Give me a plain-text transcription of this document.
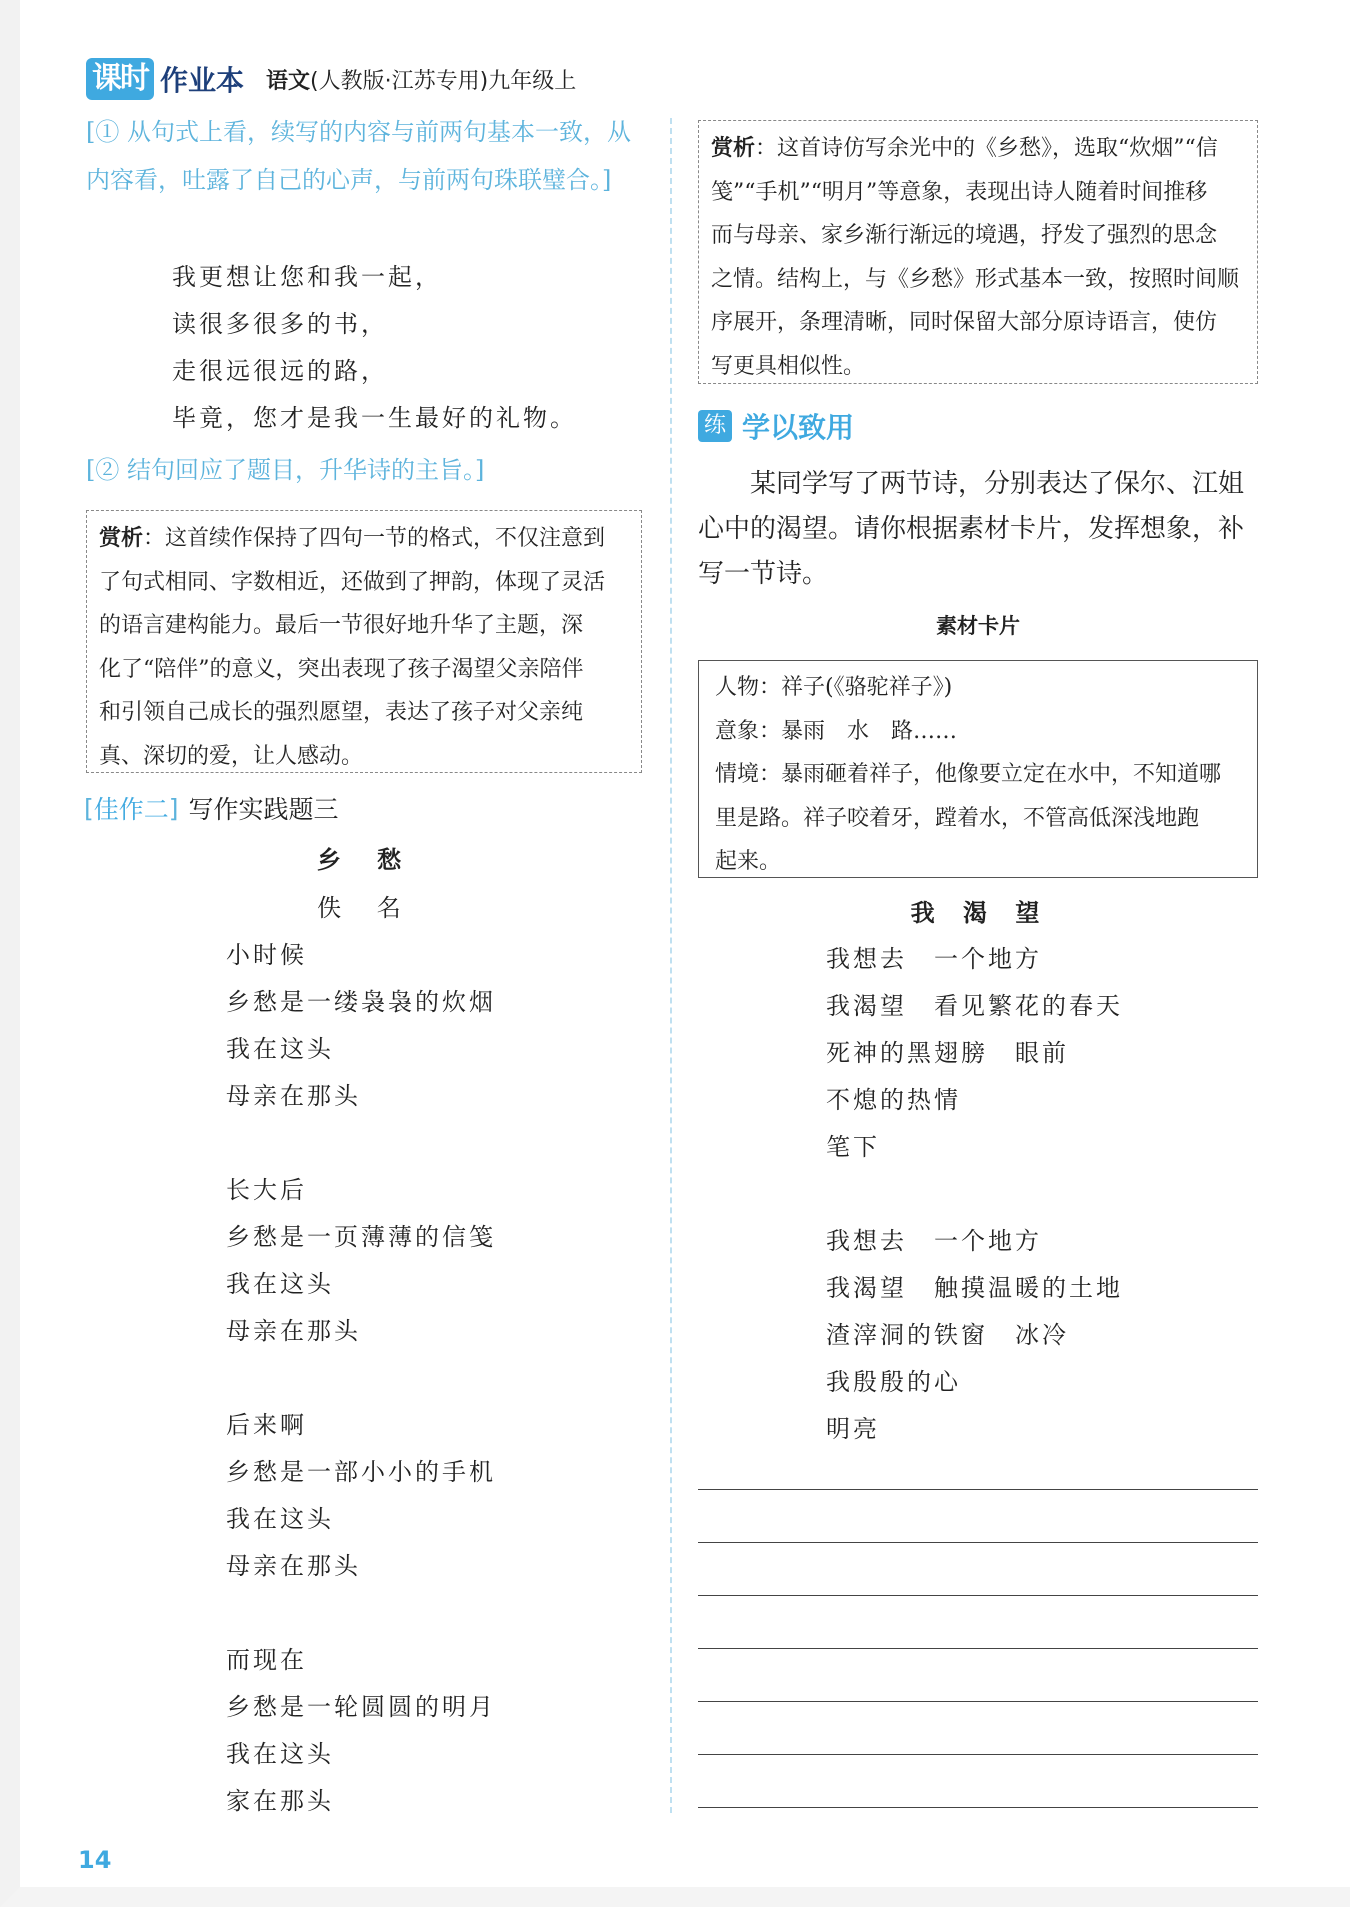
课时 作业本 语文 (人教版·江苏专用)九年级上
[① 从句式上看，续写的内容与前两句基本一致，从
内容看，吐露了自己的心声，与前两句珠联璧合。]
我更想让您和我一起，
读很多很多的书，
走很远很远的路，
毕竟，您才是我一生最好的礼物。
[② 结句回应了题目，升华诗的主旨。]
赏析：这首续作保持了四句一节的格式，不仅注意到
了句式相同、字数相近，还做到了押韵，体现了灵活
的语言建构能力。最后一节很好地升华了主题，深
化了“陪伴”的意义，突出表现了孩子渴望父亲陪伴
和引领自己成长的强烈愿望，表达了孩子对父亲纯
真、深切的爱，让人感动。
[ 佳作二 ] 写作实践题三
乡 愁
佚 名
小时候
乡愁是一缕袅袅的炊烟
我在这头
母亲在那头
长大后
乡愁是一页薄薄的信笺
我在这头
母亲在那头
后来啊
乡愁是一部小小的手机
我在这头
母亲在那头
而现在
乡愁是一轮圆圆的明月
我在这头
家在那头
赏析：这首诗仿写余光中的《乡愁》，选取“炊烟”“信
笺”“手机”“明月”等意象，表现出诗人随着时间推移
而与母亲、家乡渐行渐远的境遇，抒发了强烈的思念
之情。结构上，与《乡愁》形式基本一致，按照时间顺
序展开，条理清晰，同时保留大部分原诗语言，使仿
写更具相似性。
练 学以致用
　　某同学写了两节诗，分别表达了保尔、江姐
心中的渴望。请你根据素材卡片，发挥想象，补
写一节诗。
素材卡片
人物：祥子(《骆驼祥子》)
意象：暴雨　水　路……
情境：暴雨砸着祥子，他像要立定在水中，不知道哪
里是路。祥子咬着牙，蹚着水，不管高低深浅地跑
起来。
我 渴 望
我想去　一个地方
我渴望　看见繁花的春天
死神的黑翅膀　眼前
不熄的热情
笔下
我想去　一个地方
我渴望　触摸温暖的土地
渣滓洞的铁窗　冰冷
我殷殷的心
明亮
14
